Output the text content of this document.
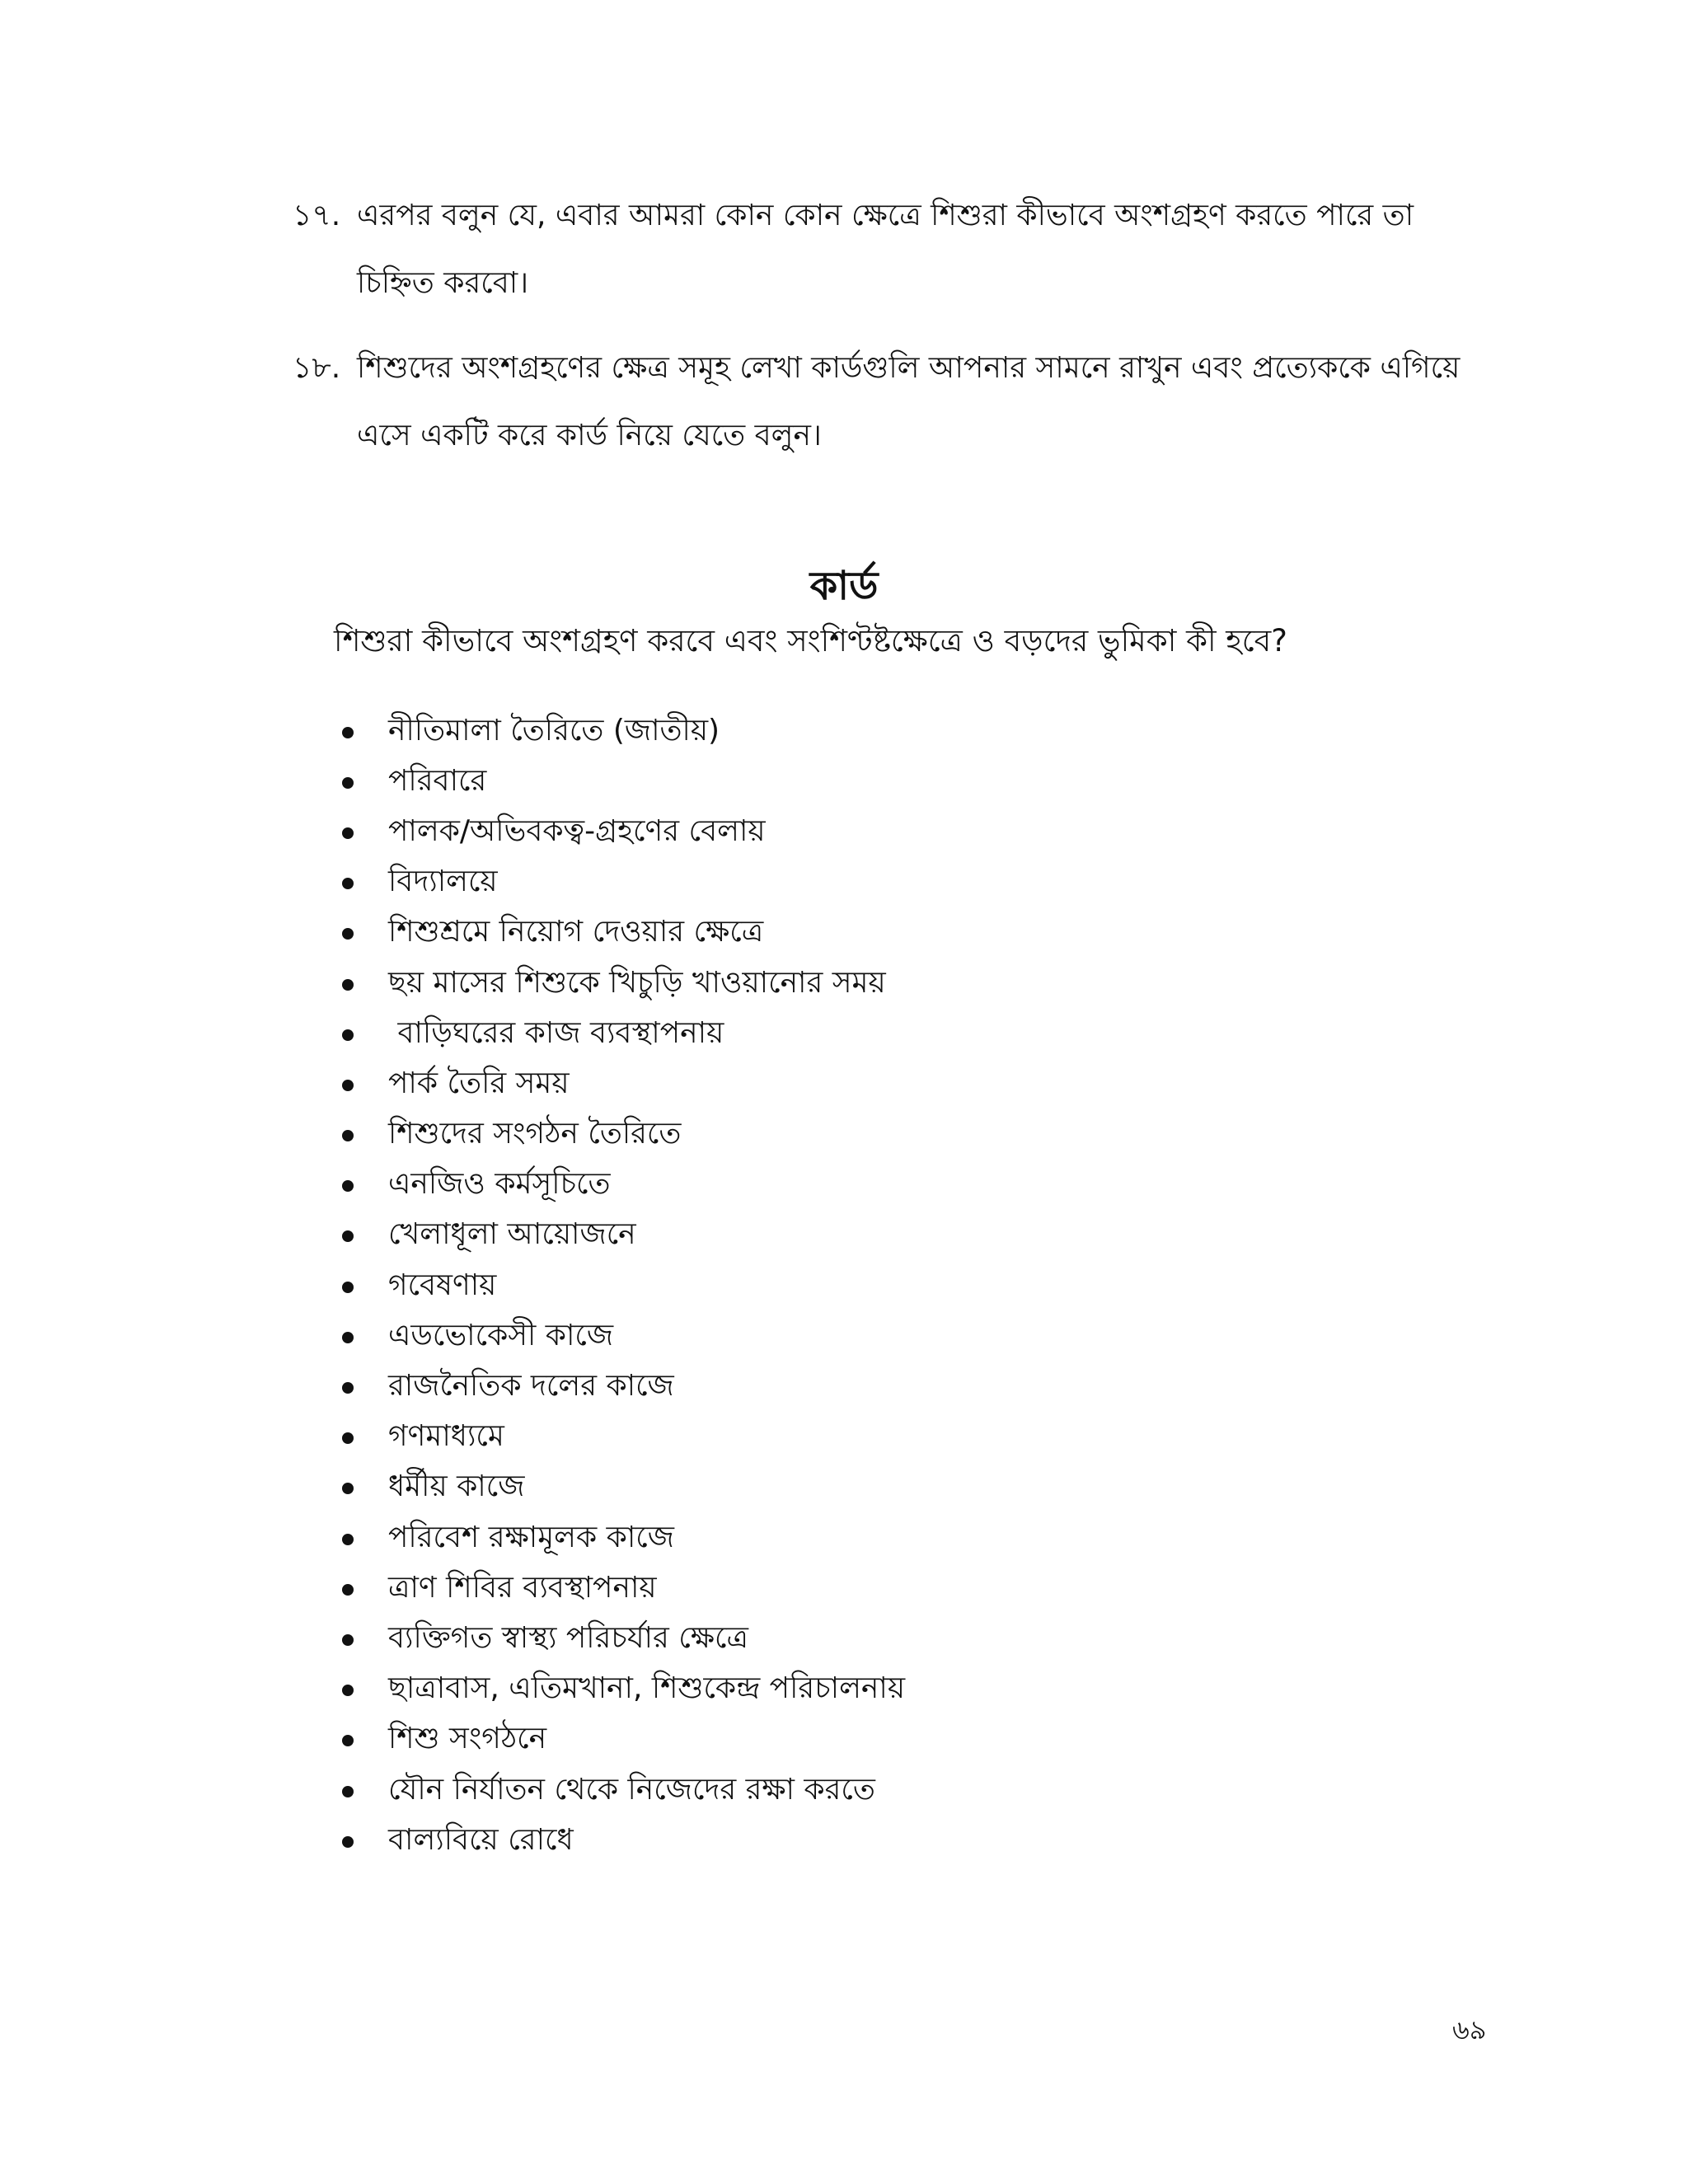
১৭. এরপর বলুন যে, এবার আমরা কোন কোন ক্ষেত্রে শিশুরা কীভাবে অংশগ্রহণ করতে পারে তা
চিহ্নিত করবো।
১৮. শিশুদের অংশগ্রহণের ক্ষেত্র সমূহ লেখা কার্ডগুলি আপনার সামনে রাখুন এবং প্রত্যেককে এগিয়ে
এসে একটি করে কার্ড নিয়ে যেতে বলুন।
কার্ড
শিশুরা কীভাবে অংশগ্রহণ করবে এবং সংশিণ্টষ্টক্ষেত্রে ও বড়দের ভুমিকা কী হবে?
নীতিমালা তৈরিতে (জাতীয়)
পরিবারে
পালক/অভিবকত্ব-গ্রহণের বেলায়
বিদ্যালয়ে
শিশুশ্রমে নিয়োগ দেওয়ার ক্ষেত্রে
ছয় মাসের শিশুকে খিচুড়ি খাওয়ানোর সময়
বাড়িঘরের কাজ ব্যবস্থাপনায়
পার্ক তৈরি সময়
শিশুদের সংগঠন তৈরিতে
এনজিও কর্মসূচিতে
খেলাধূলা আয়োজনে
গবেষণায়
এডভোকেসী কাজে
রাজনৈতিক দলের কাজে
গণমাধ্যমে
ধর্মীয় কাজে
পরিবেশ রক্ষামূলক কাজে
ত্রাণ শিবির ব্যবস্থাপনায়
ব্যক্তিগত স্বাস্থ্য পরিচর্যার ক্ষেত্রে
ছাত্রাবাস, এতিমখানা, শিশুকেন্দ্র পরিচালনায়
শিশু সংগঠনে
যৌন নির্যাতন থেকে নিজেদের রক্ষা করতে
বাল্যবিয়ে রোধে
৬৯
